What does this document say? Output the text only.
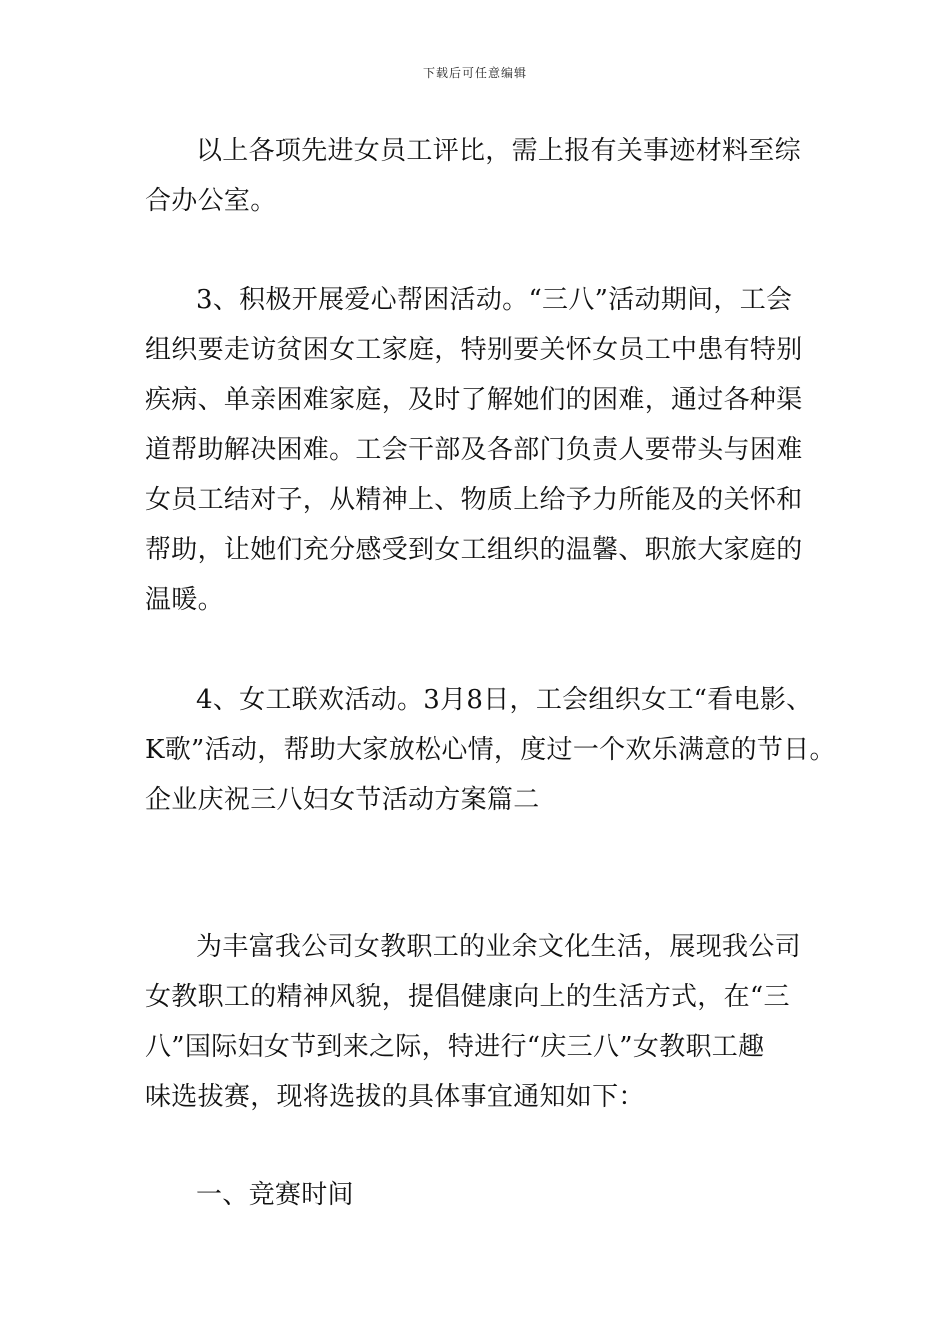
下载后可任意编辑
以上各项先进女员工评比，需上报有关事迹材料至综
合办公室。
3、积极开展爱心帮困活动。“三八”活动期间，工会
组织要走访贫困女工家庭，特别要关怀女员工中患有特别
疾病、单亲困难家庭，及时了解她们的困难，通过各种渠
道帮助解决困难。工会干部及各部门负责人要带头与困难
女员工结对子，从精神上、物质上给予力所能及的关怀和
帮助，让她们充分感受到女工组织的温馨、职旅大家庭的
温暖。
4、女工联欢活动。3月8日，工会组织女工“看电影、
K歌”活动，帮助大家放松心情，度过一个欢乐满意的节日。
企业庆祝三八妇女节活动方案篇二
为丰富我公司女教职工的业余文化生活，展现我公司
女教职工的精神风貌，提倡健康向上的生活方式，在“三
八”国际妇女节到来之际，特进行“庆三八”女教职工趣
味选拔赛，现将选拔的具体事宜通知如下：
一、竞赛时间
